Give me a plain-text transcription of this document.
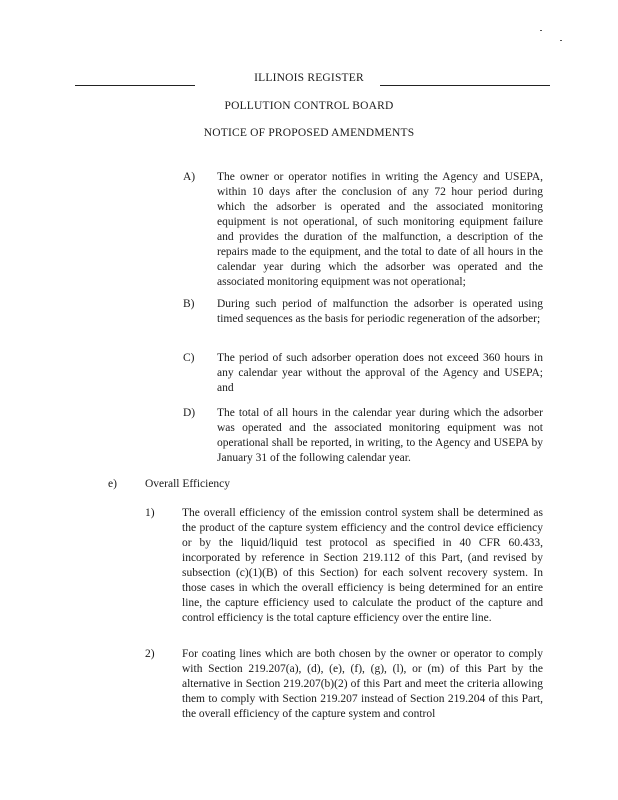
ILLINOIS REGISTER
POLLUTION CONTROL BOARD
NOTICE OF PROPOSED AMENDMENTS
A) The owner or operator notifies in writing the Agency and USEPA, within 10 days after the conclusion of any 72 hour period during which the adsorber is operated and the associated monitoring equipment is not operational, of such monitoring equipment failure and provides the duration of the malfunction, a description of the repairs made to the equipment, and the total to date of all hours in the calendar year during which the adsorber was operated and the associated monitoring equipment was not operational;
B) During such period of malfunction the adsorber is operated using timed sequences as the basis for periodic regeneration of the adsorber;
C) The period of such adsorber operation does not exceed 360 hours in any calendar year without the approval of the Agency and USEPA; and
D) The total of all hours in the calendar year during which the adsorber was operated and the associated monitoring equipment was not operational shall be reported, in writing, to the Agency and USEPA by January 31 of the following calendar year.
e) Overall Efficiency
1) The overall efficiency of the emission control system shall be determined as the product of the capture system efficiency and the control device efficiency or by the liquid/liquid test protocol as specified in 40 CFR 60.433, incorporated by reference in Section 219.112 of this Part, (and revised by subsection (c)(1)(B) of this Section) for each solvent recovery system. In those cases in which the overall efficiency is being determined for an entire line, the capture efficiency used to calculate the product of the capture and control efficiency is the total capture efficiency over the entire line.
2) For coating lines which are both chosen by the owner or operator to comply with Section 219.207(a), (d), (e), (f), (g), (l), or (m) of this Part by the alternative in Section 219.207(b)(2) of this Part and meet the criteria allowing them to comply with Section 219.207 instead of Section 219.204 of this Part, the overall efficiency of the capture system and control
